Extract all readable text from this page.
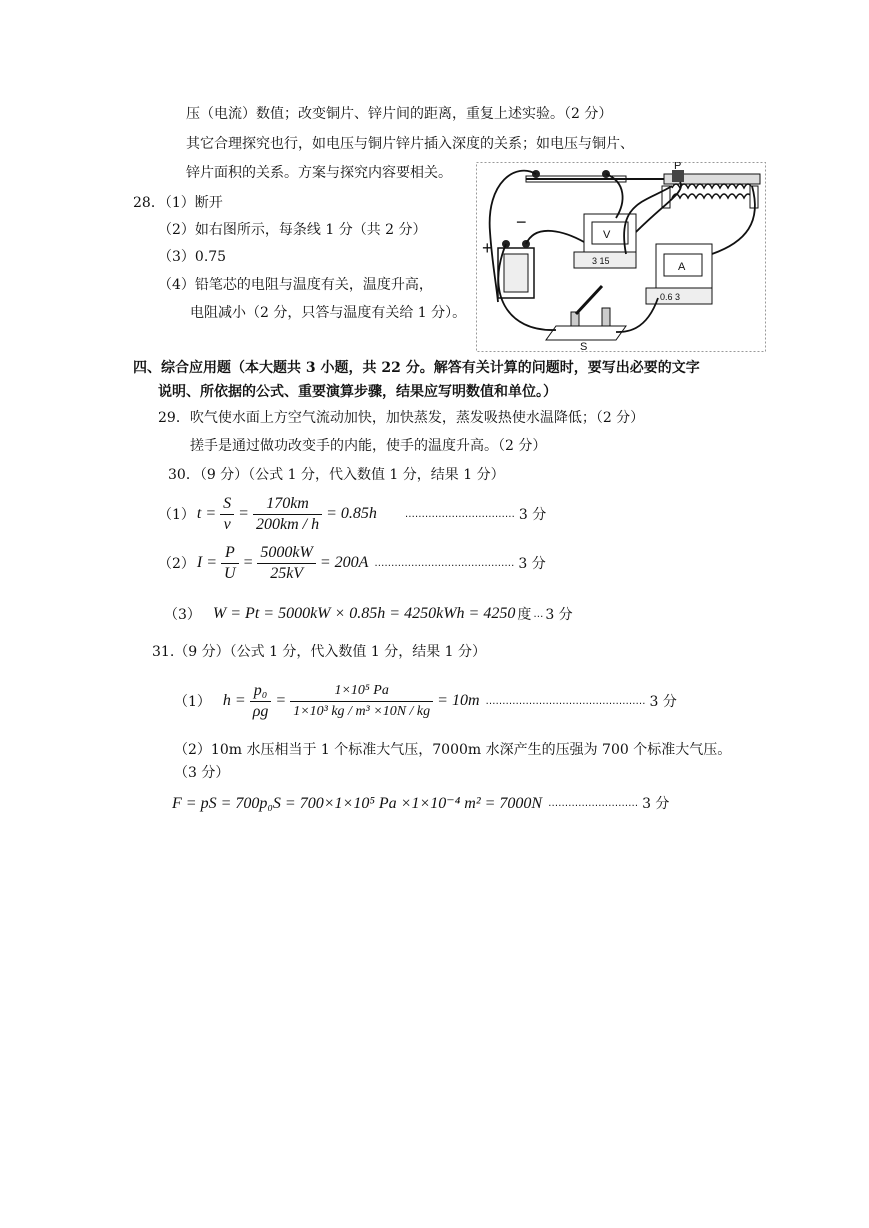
压（电流）数值；改变铜片、锌片间的距离，重复上述实验。（2 分）
其它合理探究也行，如电压与铜片锌片插入深度的关系；如电压与铜片、
锌片面积的关系。方案与探究内容要相关。
28．（1）断开
（2）如右图所示，每条线 1 分（共 2 分）
（3）0.75
（4）铅笔芯的电阻与温度有关，温度升高，
电阻减小（2 分，只答与温度有关给 1 分）。
P
V
3 15	A
0.6 3
−
+
S
四、综合应用题（本大题共 3 小题，共 22 分。解答有关计算的问题时，要写出必要的文字
说明、所依据的公式、重要演算步骤，结果应写明数值和单位。）
29．吹气使水面上方空气流动加快，加快蒸发，蒸发吸热使水温降低；（2 分）
搓手是通过做功改变手的内能，使手的温度升高。（2 分）
30．（9 分）（公式 1 分，代入数值 1 分，结果 1 分）
（1） $t = \frac{S}{v} = \frac{170km}{200km / h} = 0.85h$	…………………………… 3 分
（2） $I = \frac{P}{U} = \frac{5000kW}{25kV} = 200A$ …………………………………… 3 分
（3） W = Pt = 5000kW × 0.85h = 4250kWh = 4250 度 … 3 分
31.（9 分）（公式 1 分，代入数值 1 分，结果 1 分）
（1） $h = \frac{\text{p₀}}{\rho g} = \frac{\text{1×10⁵ Pa}}{\text{1×10³ kg / m³ ×10N / kg}} = 10m$ ………………………………………… 3 分
（2）10m 水压相当于 1 个标准大气压，7000m 水深产生的压强为 700 个标准大气压。
（3 分）
F = pS = 700p₀S = 700×1×10⁵ Pa ×1×10⁻⁴ m² = 7000N ……………………… 3 分
